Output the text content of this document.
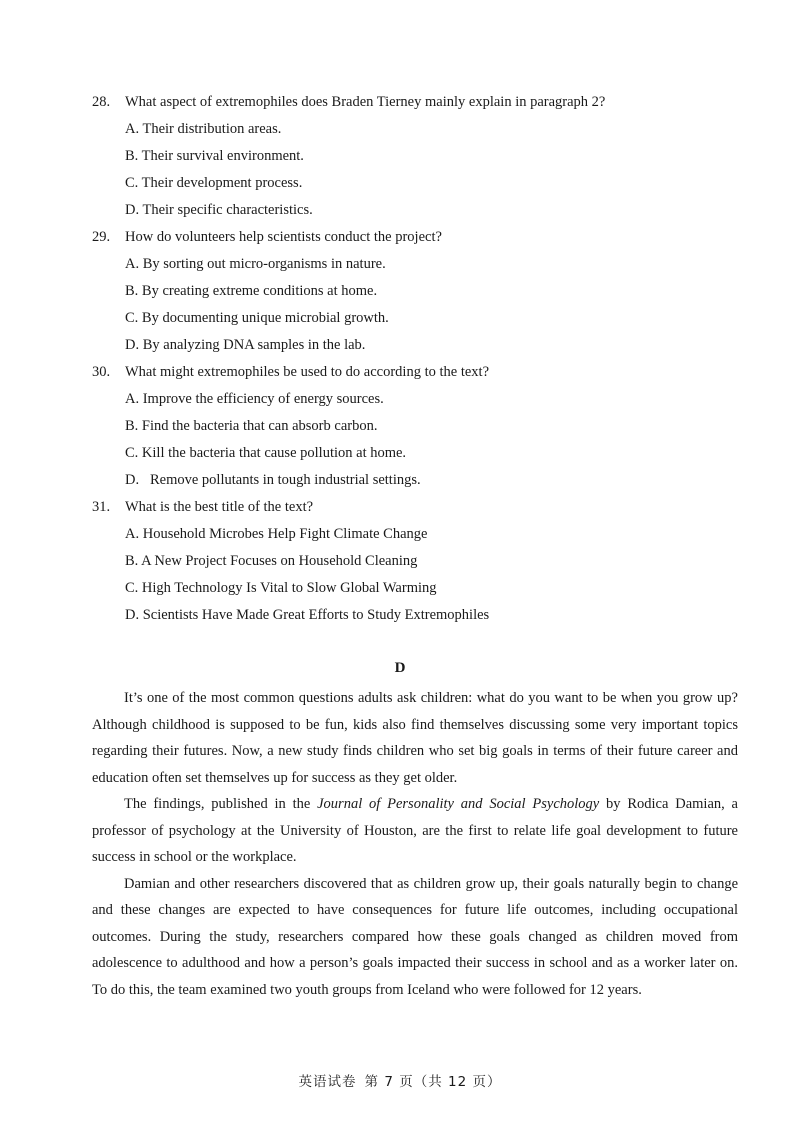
28. What aspect of extremophiles does Braden Tierney mainly explain in paragraph 2?
A. Their distribution areas.
B. Their survival environment.
C. Their development process.
D. Their specific characteristics.
29. How do volunteers help scientists conduct the project?
A. By sorting out micro-organisms in nature.
B. By creating extreme conditions at home.
C. By documenting unique microbial growth.
D. By analyzing DNA samples in the lab.
30. What might extremophiles be used to do according to the text?
A. Improve the efficiency of energy sources.
B. Find the bacteria that can absorb carbon.
C. Kill the bacteria that cause pollution at home.
D.   Remove pollutants in tough industrial settings.
31. What is the best title of the text?
A. Household Microbes Help Fight Climate Change
B. A New Project Focuses on Household Cleaning
C. High Technology Is Vital to Slow Global Warming
D. Scientists Have Made Great Efforts to Study Extremophiles
D

It’s one of the most common questions adults ask children: what do you want to be when you grow up? Although childhood is supposed to be fun, kids also find themselves discussing some very important topics regarding their futures. Now, a new study finds children who set big goals in terms of their future career and education often set themselves up for success as they get older.

The findings, published in the Journal of Personality and Social Psychology by Rodica Damian, a professor of psychology at the University of Houston, are the first to relate life goal development to future success in school or the workplace.

Damian and other researchers discovered that as children grow up, their goals naturally begin to change and these changes are expected to have consequences for future life outcomes, including occupational outcomes. During the study, researchers compared how these goals changed as children moved from adolescence to adulthood and how a person’s goals impacted their success in school and as a worker later on. To do this, the team examined two youth groups from Iceland who were followed for 12 years.

英语试卷 第 7 页（共 12 页）
